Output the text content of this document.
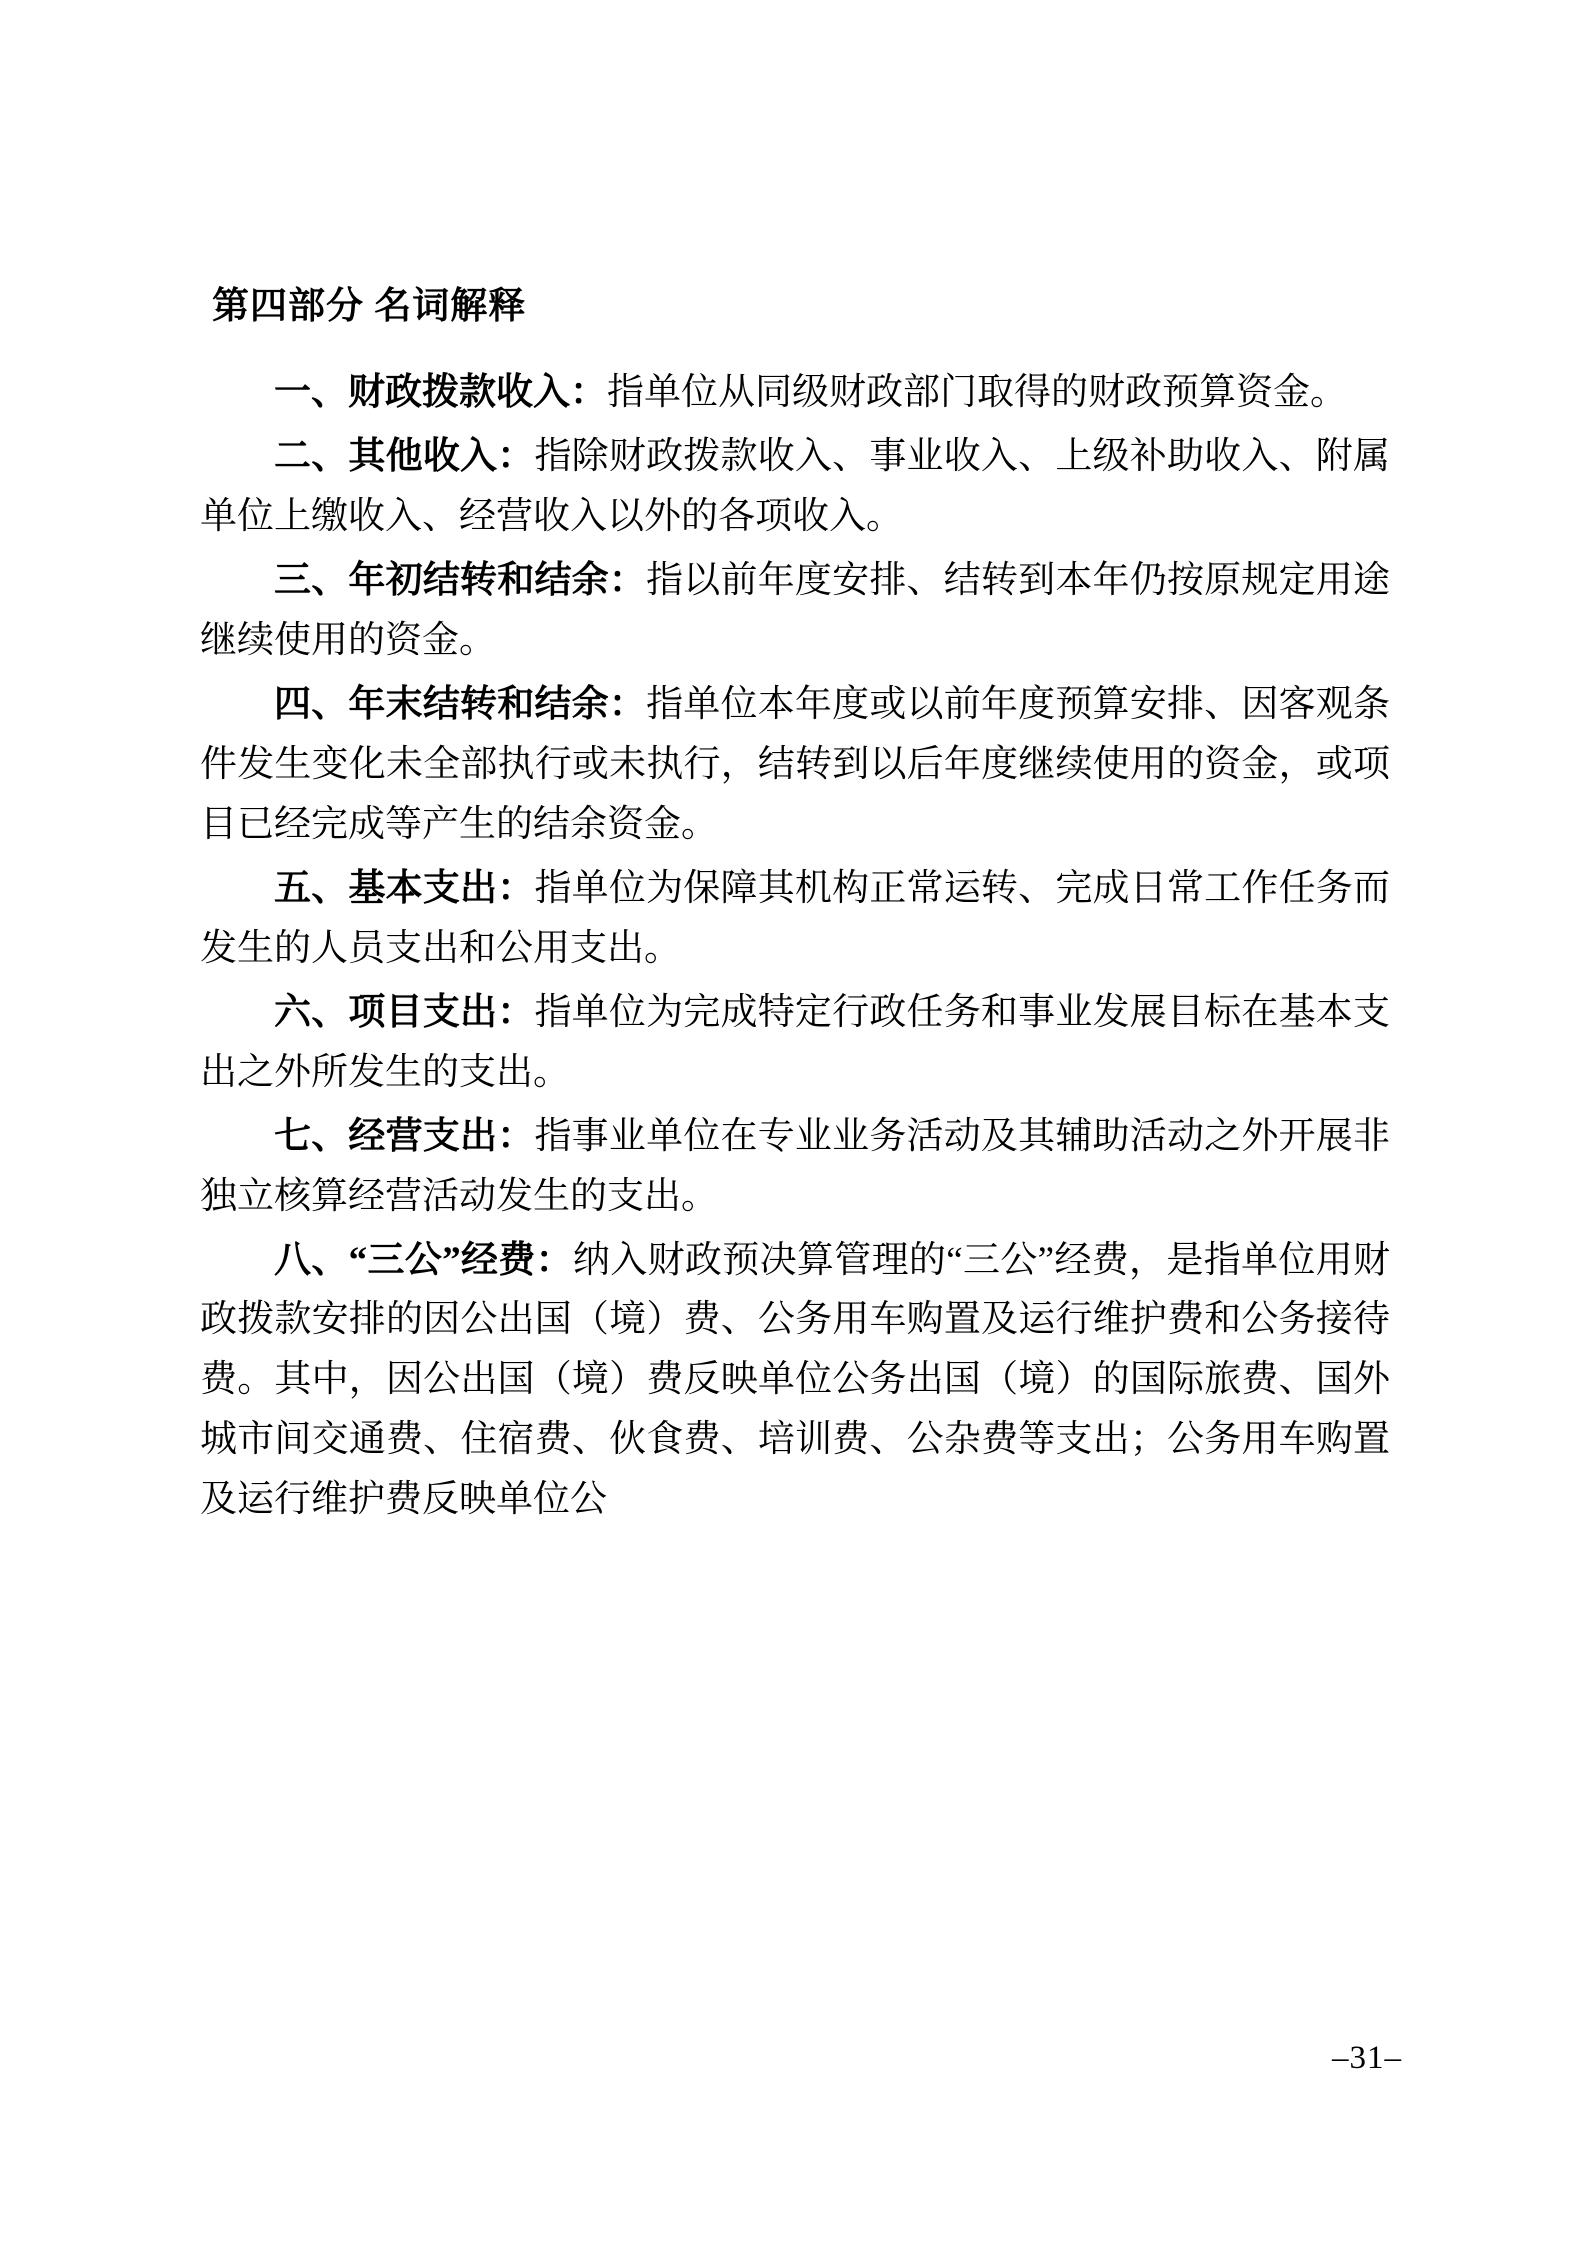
第四部分 名词解释

一、财政拨款收入：指单位从同级财政部门取得的财政预算资金。

二、其他收入：指除财政拨款收入、事业收入、上级补助收入、附属单位上缴收入、经营收入以外的各项收入。

三、年初结转和结余：指以前年度安排、结转到本年仍按原规定用途继续使用的资金。

四、年末结转和结余：指单位本年度或以前年度预算安排、因客观条件发生变化未全部执行或未执行，结转到以后年度继续使用的资金，或项目已经完成等产生的结余资金。

五、基本支出：指单位为保障其机构正常运转、完成日常工作任务而发生的人员支出和公用支出。

六、项目支出：指单位为完成特定行政任务和事业发展目标在基本支出之外所发生的支出。

七、经营支出：指事业单位在专业业务活动及其辅助活动之外开展非独立核算经营活动发生的支出。

八、“三公”经费：纳入财政预决算管理的“三公”经费，是指单位用财政拨款安排的因公出国（境）费、公务用车购置及运行维护费和公务接待费。其中，因公出国（境）费反映单位公务出国（境）的国际旅费、国外城市间交通费、住宿费、伙食费、培训费、公杂费等支出；公务用车购置及运行维护费反映单位公

–31–
